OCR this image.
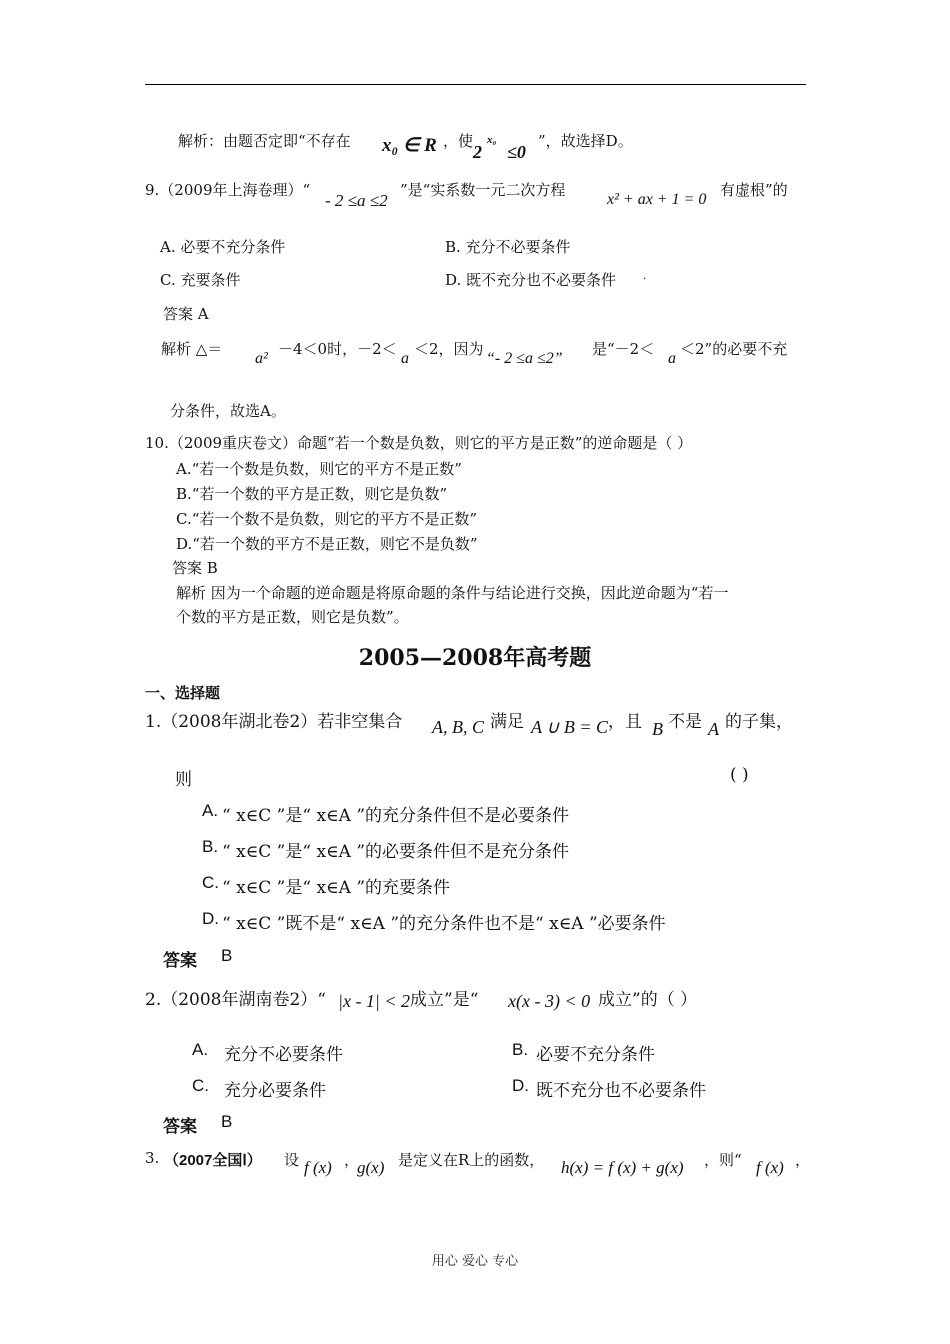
解析：由题否定即“不存在 x₀ ∈ R ，使
2
x₀
≤0
”，故选择D。
9.（2009年上海卷理）“
- 2 ≤a ≤2
”是“实系数一元二次方程
x² + ax + 1 = 0
有虚根”的
A. 必要不充分条件	B. 充分不必要条件
C. 充要条件	D. 既不充分也不必要条件	.
答案 A
解析 △＝
a²
－4＜0时，－2＜
a
＜2，因为
“- 2 ≤a ≤2”
是“－2＜
a
＜2”的必要不充
分条件，故选A。
10.（2009重庆卷文）命题“若一个数是负数，则它的平方是正数”的逆命题是（ ）
A.“若一个数是负数，则它的平方不是正数”
B.“若一个数的平方是正数，则它是负数”
C.“若一个数不是负数，则它的平方不是正数”
D.“若一个数的平方不是正数，则它不是负数”
答案 B
解析 因为一个命题的逆命题是将原命题的条件与结论进行交换，因此逆命题为“若一
个数的平方是正数，则它是负数”。
2005—2008年高考题
一、选择题
1.（2008年湖北卷2）若非空集合 A, B, C 满足 A ∪ B = C ，且 B 不是 A 的子集，
则	( )
A. “ x∈C ”是“ x∈A ”的充分条件但不是必要条件
B. “ x∈C ”是“ x∈A ”的必要条件但不是充分条件
C. “ x∈C ”是“ x∈A ”的充要条件
D. “ x∈C ”既不是“ x∈A ”的充分条件也不是“ x∈A ”必要条件
答案 B
2.（2008年湖南卷2）“ |x - 1| < 2 成立”是“ x(x - 3) < 0 成立”的（ ）
A. 充分不必要条件	B. 必要不充分条件
C. 充分必要条件	D. 既不充分也不必要条件
答案 B
3. （2007全国Ⅰ） 设 f (x) ，
g(x) 是定义在R上的函数， h(x) = f (x) + g(x) ，则“ f (x) ，
用心 爱心 专心
